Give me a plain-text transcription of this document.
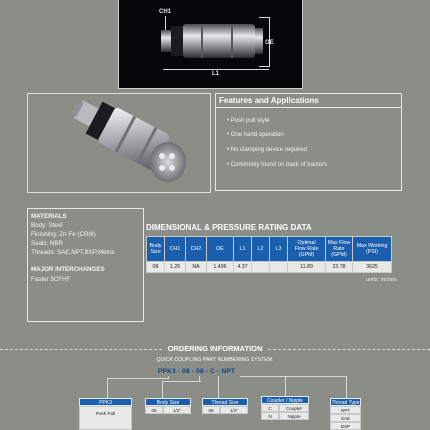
CH1
OE
L1
Features and Applications
• Push pull style
• One hand operation
• No clamping device required
• Commonly found on back of tractors
MATERIALS
Body: Steel
Finishing: Zn-Fe (CRIII)
Seals: NBR
Threads: SAE,NPT,BSP,Metric
MAJOR INTERCHANGES
Faster 3CFHF
DIMENSIONAL & PRESSURE RATING DATA
Body
Size	CH1	CH2	OE	L1	L2	L3	Optimal
Flow Rate
(GPM)	Max Flow
Rate
(GPM)	Max Working
(PSI)
08	1.26	NA	1.496	4.37			11.89	23.78	3625
units: inches
ORDERING INFORMATION
QUICK COUPLING PART NUMBERING SYSTEM:
PPK3 - 08 - 08 - C - NPT
PPK3
Push Pull
Body Size
08	1/2"
Thread Size
08	1/2"
Coupler / Nipple
C	Coupler
N	Nipple
Thread Type
NPT
SAE
BSP
